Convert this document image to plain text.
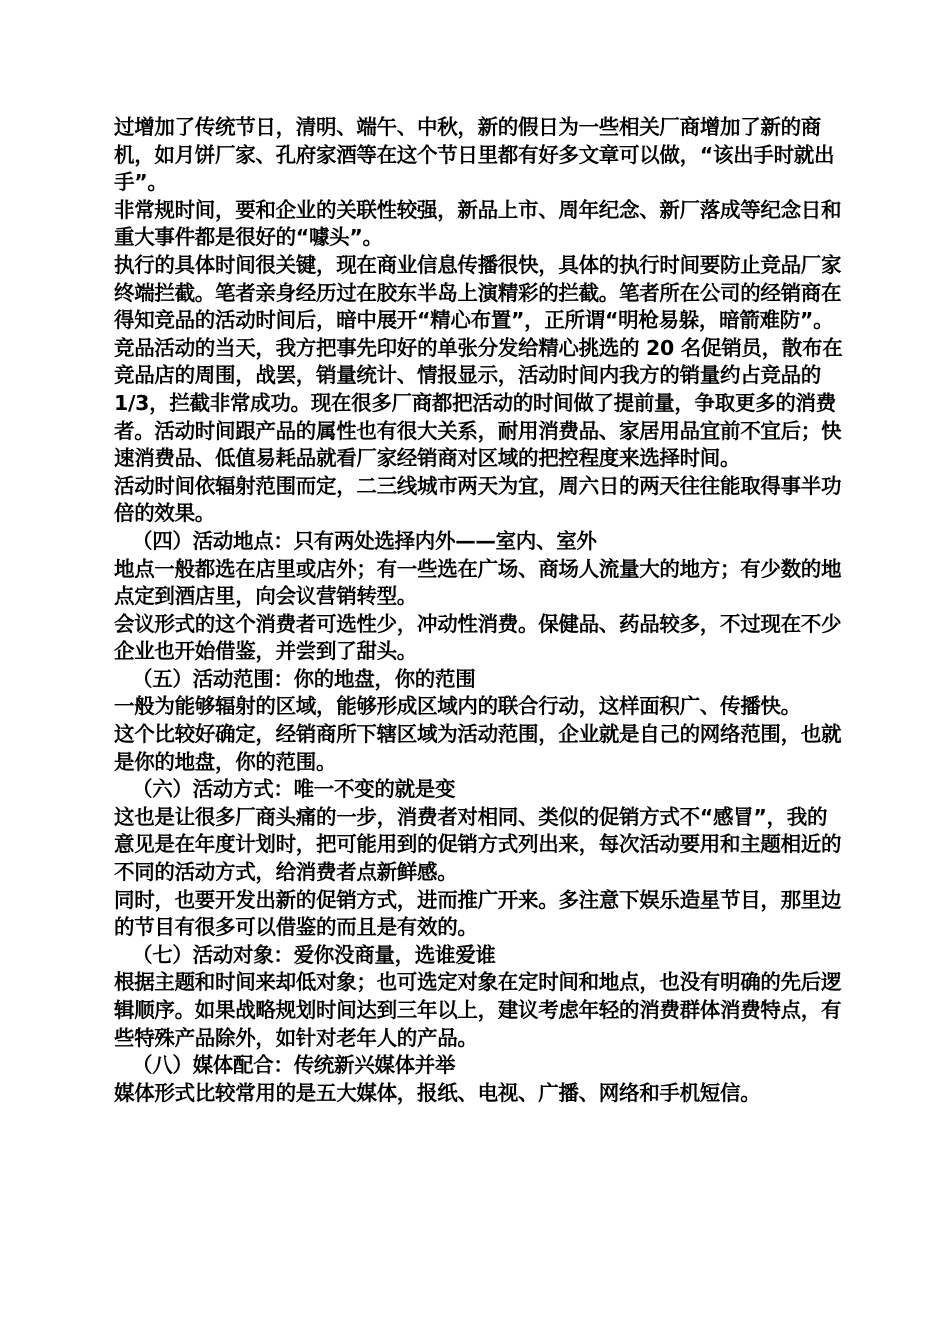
过增加了传统节日，清明、端午、中秋，新的假日为一些相关厂商增加了新的商机，如月饼厂家、孔府家酒等在这个节日里都有好多文章可以做，“该出手时就出手”。

非常规时间，要和企业的关联性较强，新品上市、周年纪念、新厂落成等纪念日和重大事件都是很好的“噱头”。

执行的具体时间很关键，现在商业信息传播很快，具体的执行时间要防止竞品厂家终端拦截。笔者亲身经历过在胶东半岛上演精彩的拦截。笔者所在公司的经销商在得知竞品的活动时间后，暗中展开“精心布置”，正所谓“明枪易躲，暗箭难防”。

竞品活动的当天，我方把事先印好的单张分发给精心挑选的 20 名促销员，散布在竞品店的周围，战罢，销量统计、情报显示，活动时间内我方的销量约占竞品的 1/3，拦截非常成功。现在很多厂商都把活动的时间做了提前量，争取更多的消费者。活动时间跟产品的属性也有很大关系，耐用消费品、家居用品宜前不宜后；快速消费品、低值易耗品就看厂家经销商对区域的把控程度来选择时间。

活动时间依辐射范围而定，二三线城市两天为宜，周六日的两天往往能取得事半功倍的效果。

（四）活动地点：只有两处选择内外——室内、室外

地点一般都选在店里或店外；有一些选在广场、商场人流量大的地方；有少数的地点定到酒店里，向会议营销转型。

会议形式的这个消费者可选性少，冲动性消费。保健品、药品较多，不过现在不少企业也开始借鉴，并尝到了甜头。

（五）活动范围：你的地盘，你的范围

一般为能够辐射的区域，能够形成区域内的联合行动，这样面积广、传播快。

这个比较好确定，经销商所下辖区域为活动范围，企业就是自己的网络范围，也就是你的地盘，你的范围。

（六）活动方式：唯一不变的就是变

这也是让很多厂商头痛的一步，消费者对相同、类似的促销方式不“感冒”，我的意见是在年度计划时，把可能用到的促销方式列出来，每次活动要用和主题相近的不同的活动方式，给消费者点新鲜感。

同时，也要开发出新的促销方式，进而推广开来。多注意下娱乐造星节目，那里边的节目有很多可以借鉴的而且是有效的。

（七）活动对象：爱你没商量，选谁爱谁

根据主题和时间来却低对象；也可选定对象在定时间和地点，也没有明确的先后逻辑顺序。如果战略规划时间达到三年以上，建议考虑年轻的消费群体消费特点，有些特殊产品除外，如针对老年人的产品。

（八）媒体配合：传统新兴媒体并举

媒体形式比较常用的是五大媒体，报纸、电视、广播、网络和手机短信。
